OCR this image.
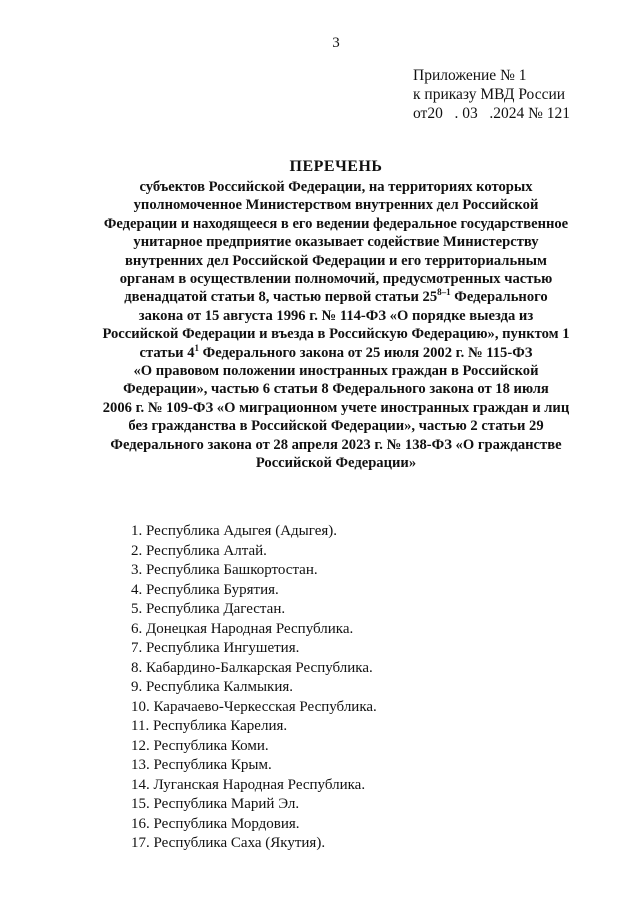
3
Приложение № 1
к приказу МВД России
от20 . 03 .2024 № 121
ПЕРЕЧЕНЬ
субъектов Российской Федерации, на территориях которых
уполномоченное Министерством внутренних дел Российской
Федерации и находящееся в его ведении федеральное государственное
унитарное предприятие оказывает содействие Министерству
внутренних дел Российской Федерации и его территориальным
органам в осуществлении полномочий, предусмотренных частью
двенадцатой статьи 8, частью первой статьи 25$^{8-1}$ Федерального
закона от 15 августа 1996 г. № 114-ФЗ «О порядке выезда из
Российской Федерации и въезда в Российскую Федерацию», пунктом 1
статьи $4^1$ Федерального закона от 25 июля 2002 г. № 115-ФЗ
«О правовом положении иностранных граждан в Российской
Федерации», частью 6 статьи 8 Федерального закона от 18 июля
2006 г. № 109-ФЗ «О миграционном учете иностранных граждан и лиц
без гражданства в Российской Федерации», частью 2 статьи 29
Федерального закона от 28 апреля 2023 г. № 138-ФЗ «О гражданстве
Российской Федерации»
1. Республика Адыгея (Адыгея).
2. Республика Алтай.
3. Республика Башкортостан.
4. Республика Бурятия.
5. Республика Дагестан.
6. Донецкая Народная Республика.
7. Республика Ингушетия.
8. Кабардино-Балкарская Республика.
9. Республика Калмыкия.
10. Карачаево-Черкесская Республика.
11. Республика Карелия.
12. Республика Коми.
13. Республика Крым.
14. Луганская Народная Республика.
15. Республика Марий Эл.
16. Республика Мордовия.
17. Республика Саха (Якутия).
